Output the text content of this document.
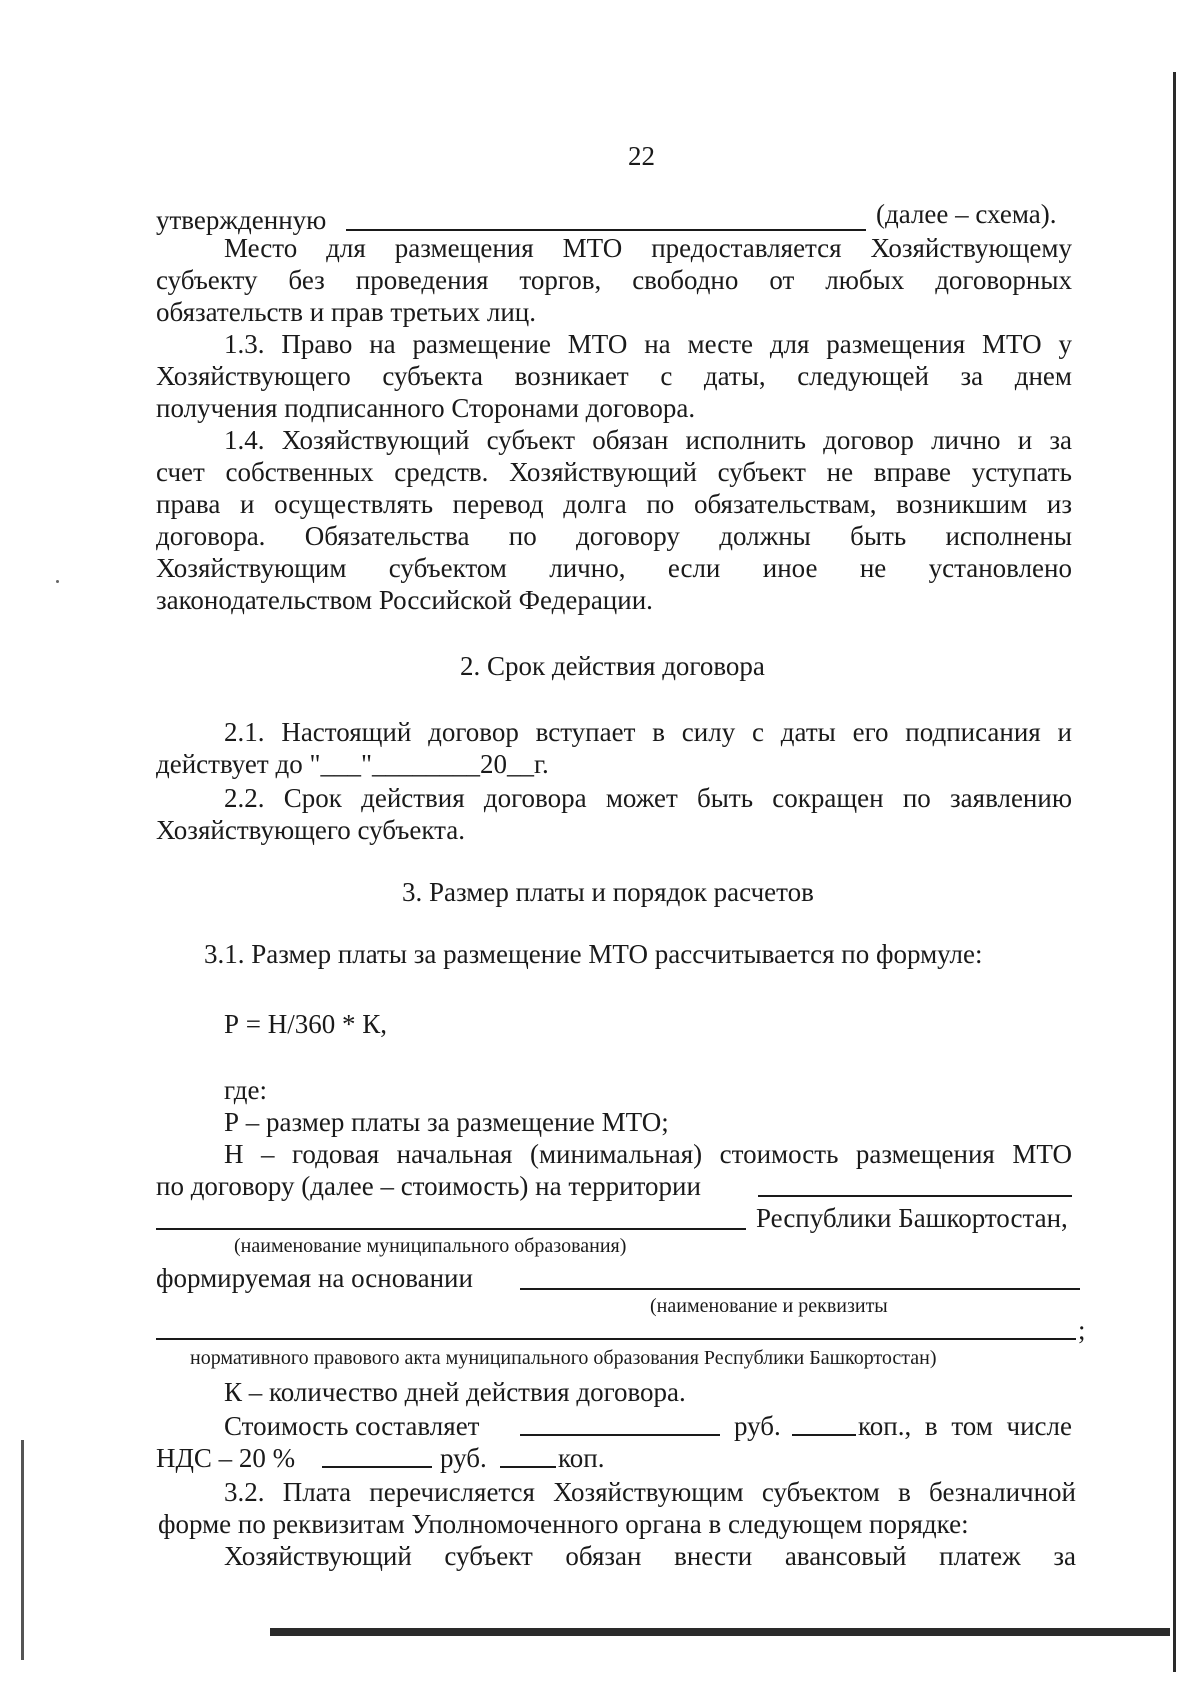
22
утвержденную	(далее – схема).
Место для размещения МТО предоставляется Хозяйствующему
субъекту без проведения торгов, свободно от любых договорных
обязательств и прав третьих лиц.
1.3. Право на размещение МТО на месте для размещения МТО у
Хозяйствующего субъекта возникает с даты, следующей за днем
получения подписанного Сторонами договора.
1.4. Хозяйствующий субъект обязан исполнить договор лично и за
счет собственных средств. Хозяйствующий субъект не вправе уступать
права и осуществлять перевод долга по обязательствам, возникшим из
договора. Обязательства по договору должны быть исполнены
Хозяйствующим субъектом лично, если иное не установлено
законодательством Российской Федерации.
2. Срок действия договора
2.1. Настоящий договор вступает в силу с даты его подписания и
действует до "___"________20__г.
2.2. Срок действия договора может быть сокращен по заявлению
Хозяйствующего субъекта.
3. Размер платы и порядок расчетов
3.1. Размер платы за размещение МТО рассчитывается по формуле:
Р = Н/360 * К,
где:
Р – размер платы за размещение МТО;
Н – годовая начальная (минимальная) стоимость размещения МТО
по договору (далее – стоимость) на территории
Республики Башкортостан,
(наименование муниципального образования)
формируемая на основании
(наименование и реквизиты
;
нормативного правового акта муниципального образования Республики Башкортостан)
К – количество дней действия договора.
Стоимость составляет	руб.	коп., в том числе
НДС – 20 %	руб.	коп.
3.2. Плата перечисляется Хозяйствующим субъектом в безналичной
форме по реквизитам Уполномоченного органа в следующем порядке:
Хозяйствующий субъект обязан внести авансовый платеж за
